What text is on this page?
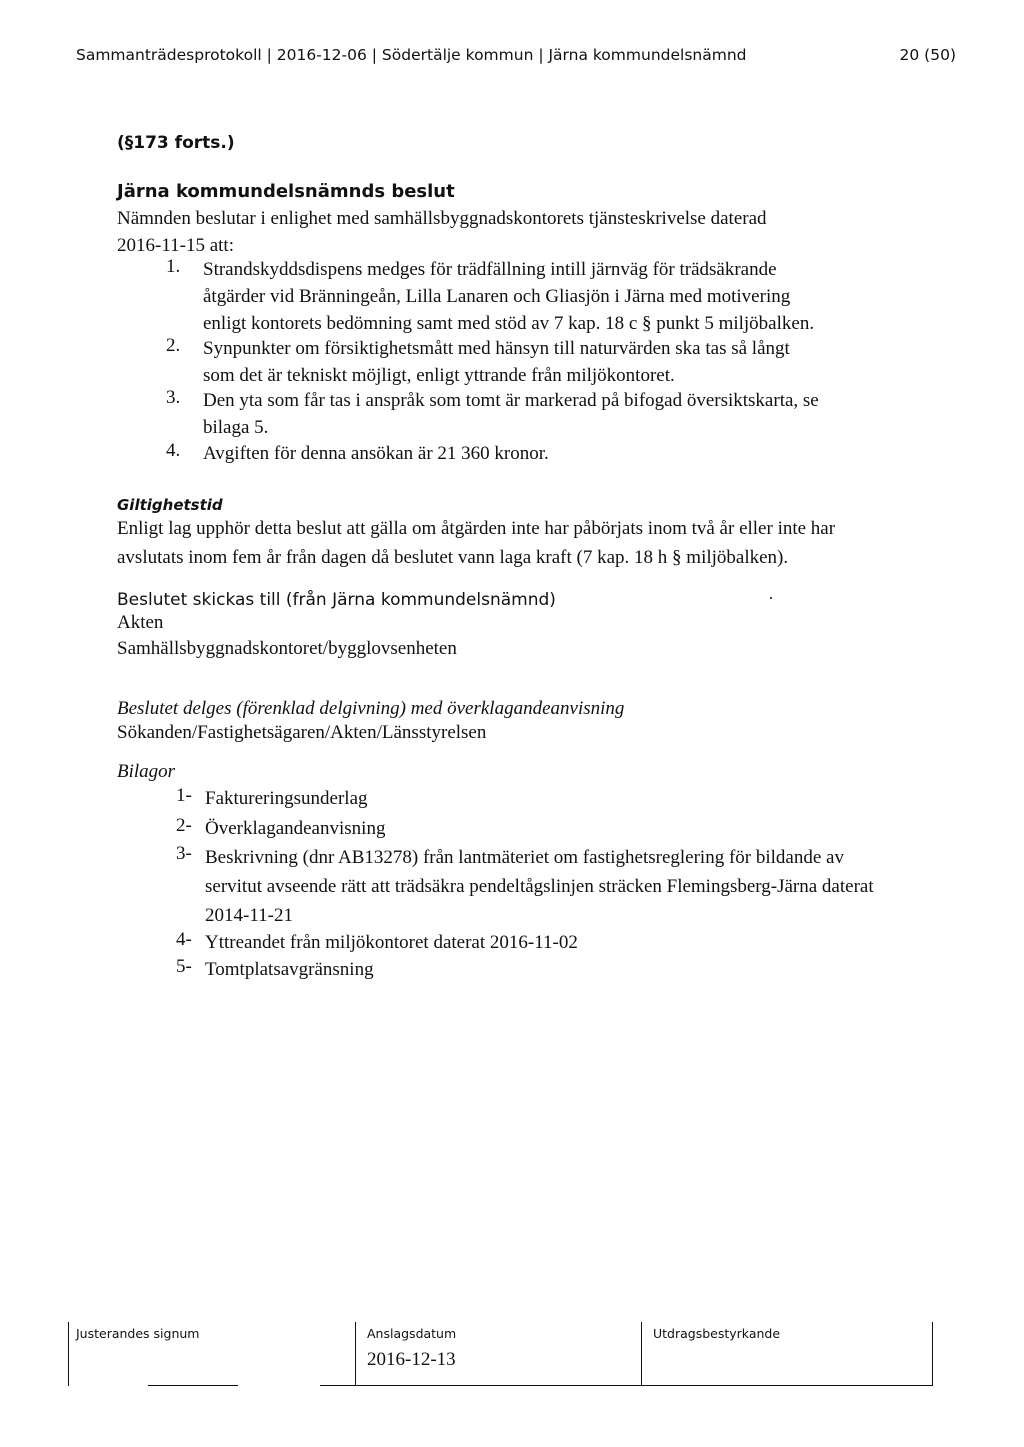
Sammanträdesprotokoll | 2016-12-06 | Södertälje kommun | Järna kommundelsnämnd	20 (50)
(§173 forts.)
Järna kommundelsnämnds beslut
Nämnden beslutar i enlighet med samhällsbyggnadskontorets tjänsteskrivelse daterad
2016-11-15 att:
1. Strandskyddsdispens medges för trädfällning intill järnväg för trädsäkrande
åtgärder vid Bränningeån, Lilla Lanaren och Gliasjön i Järna med motivering
enligt kontorets bedömning samt med stöd av 7 kap. 18 c § punkt 5 miljöbalken.
2. Synpunkter om försiktighetsmått med hänsyn till naturvärden ska tas så långt
som det är tekniskt möjligt, enligt yttrande från miljökontoret.
3. Den yta som får tas i anspråk som tomt är markerad på bifogad översiktskarta, se
bilaga 5.
4. Avgiften för denna ansökan är 21 360 kronor.
Giltighetstid
Enligt lag upphör detta beslut att gälla om åtgärden inte har påbörjats inom två år eller inte har
avslutats inom fem år från dagen då beslutet vann laga kraft (7 kap. 18 h § miljöbalken).
Beslutet skickas till (från Järna kommundelsnämnd)
Akten
Samhällsbyggnadskontoret/bygglovsenheten
Beslutet delges (förenklad delgivning) med överklagandeanvisning
Sökanden/Fastighetsägaren/Akten/Länsstyrelsen
Bilagor
1- Faktureringsunderlag
2- Överklagandeanvisning
3- Beskrivning (dnr AB13278) från lantmäteriet om fastighetsreglering för bildande av
servitut avseende rätt att trädsäkra pendeltågslinjen sträcken Flemingsberg-Järna daterat
2014-11-21
4- Yttreandet från miljökontoret daterat 2016-11-02
5- Tomtplatsavgränsning
Justerandes signum	Anslagsdatum
2016-12-13
Utdragsbestyrkande
